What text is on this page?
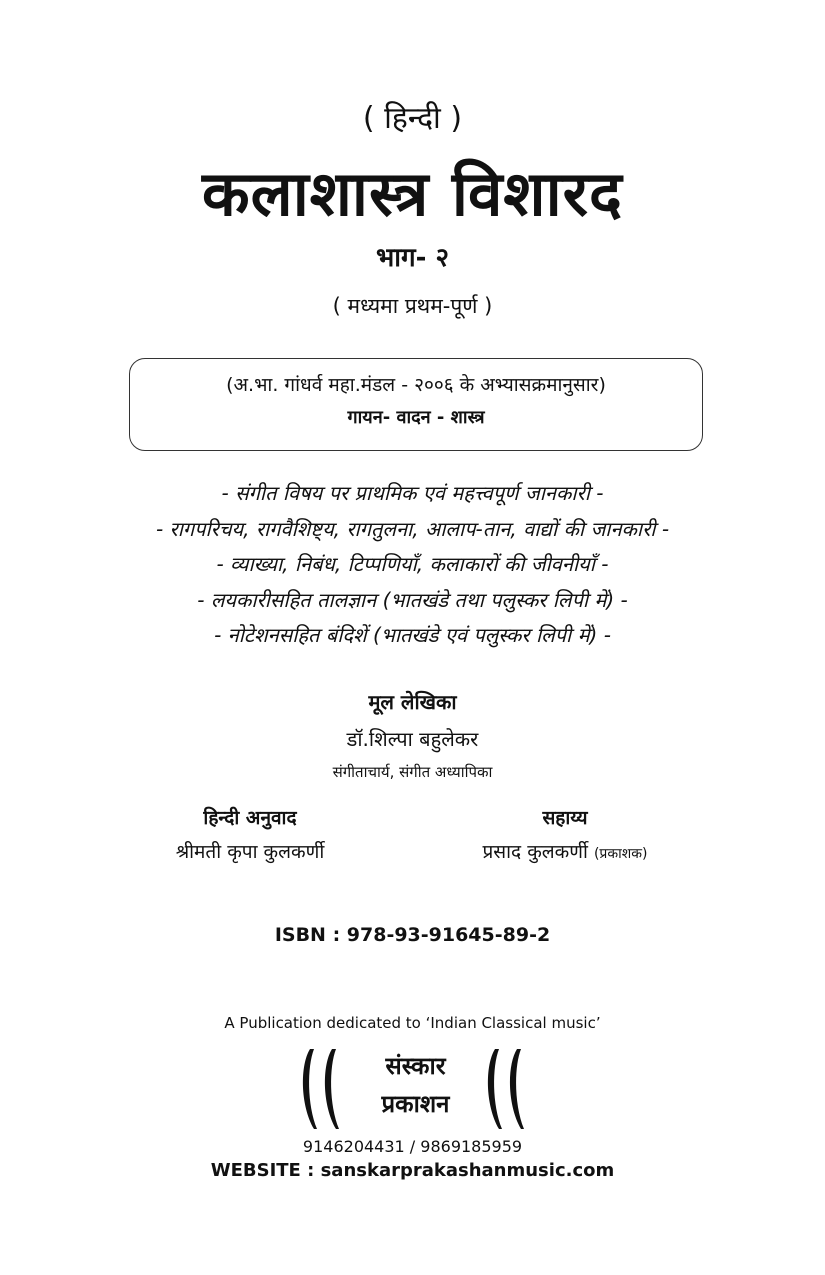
( हिन्दी )
कलाशास्त्र विशारद
भाग- २
( मध्यमा प्रथम-पूर्ण )
(अ.भा. गांधर्व महा.मंडल - २००६ के अभ्यासक्रमानुसार)
गायन- वादन - शास्त्र
- संगीत विषय पर प्राथमिक एवं महत्त्वपूर्ण जानकारी -
- रागपरिचय, रागवैशिष्ट्य, रागतुलना, आलाप-तान, वाद्यों की जानकारी -
- व्याख्या, निबंध, टिप्पणियाँ, कलाकारों की जीवनीयाँ -
- लयकारीसहित तालज्ञान (भातखंडे तथा पलुस्कर लिपी में) -
- नोटेशनसहित बंदिशें (भातखंडे एवं पलुस्कर लिपी में) -
मूल लेखिका
डॉ.शिल्पा बहुलेकर
संगीताचार्य, संगीत अध्यापिका
हिन्दी अनुवाद
श्रीमती कृपा कुलकर्णी
सहाय्य
प्रसाद कुलकर्णी (प्रकाशक)
ISBN : 978-93-91645-89-2
A Publication dedicated to ‘Indian Classical music’
संस्कार
प्रकाशन
9146204431 / 9869185959
WEBSITE : sanskarprakashanmusic.com
